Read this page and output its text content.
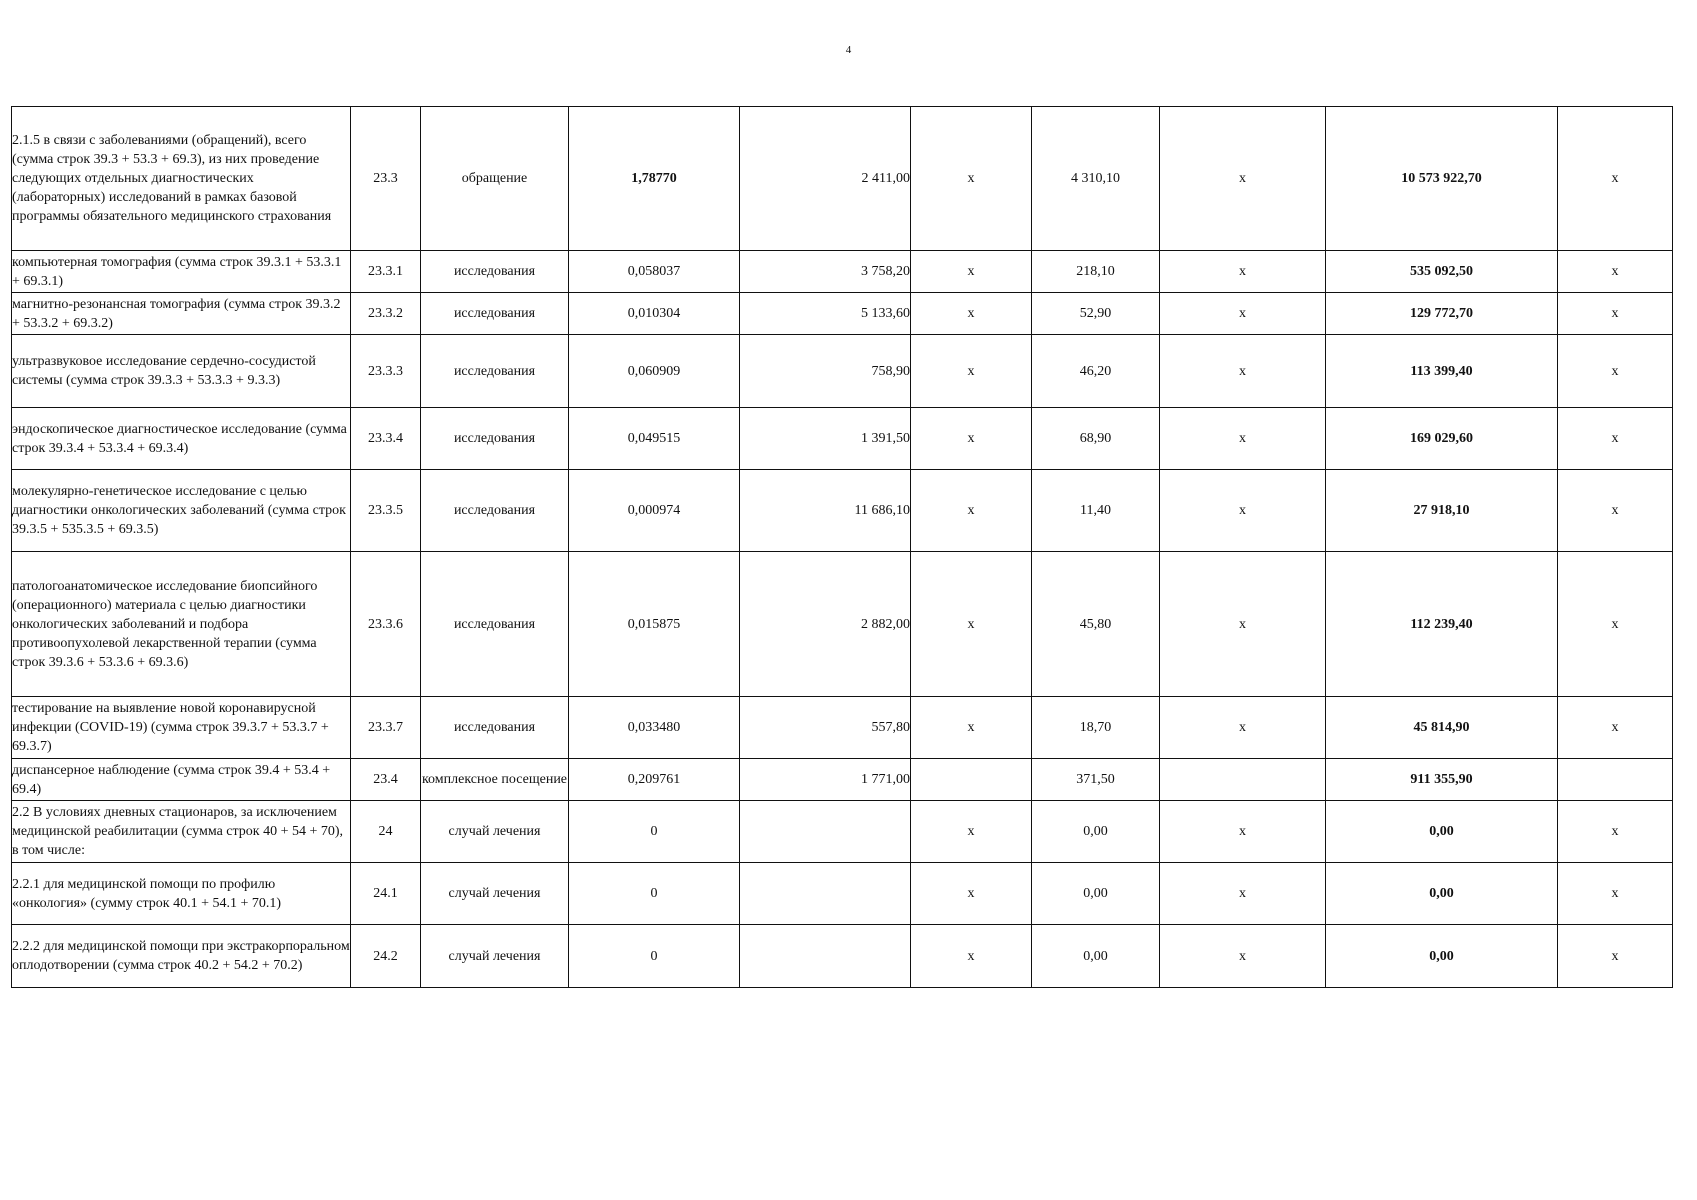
4
2.1.5 в связи с заболеваниями (обращений), всего (сумма строк 39.3 + 53.3 + 69.3), из них проведение следующих отдельных диагностических (лабораторных) исследований в рамках базовой программы обязательного медицинского страхования	23.3	обращение	1,78770	2 411,00	х	4 310,10	х	10 573 922,70	х
компьютерная томография (сумма строк 39.3.1 + 53.3.1 + 69.3.1)	23.3.1	исследования	0,058037	3 758,20	х	218,10	х	535 092,50	х
магнитно-резонансная томография (сумма строк 39.3.2 + 53.3.2 + 69.3.2)	23.3.2	исследования	0,010304	5 133,60	х	52,90	х	129 772,70	х
ультразвуковое исследование сердечно-сосудистой системы (сумма строк 39.3.3 + 53.3.3 + 9.3.3)	23.3.3	исследования	0,060909	758,90	х	46,20	х	113 399,40	х
эндоскопическое диагностическое исследование (сумма строк 39.3.4 + 53.3.4 + 69.3.4)	23.3.4	исследования	0,049515	1 391,50	х	68,90	х	169 029,60	х
молекулярно-генетическое исследование с целью диагностики онкологических заболеваний (сумма строк 39.3.5 + 535.3.5 + 69.3.5)	23.3.5	исследования	0,000974	11 686,10	х	11,40	х	27 918,10	х
патологоанатомическое исследование биопсийного (операционного) материала с целью диагностики онкологических заболеваний и подбора противоопухолевой лекарственной терапии (сумма строк 39.3.6 + 53.3.6 + 69.3.6)	23.3.6	исследования	0,015875	2 882,00	х	45,80	х	112 239,40	х
тестирование на выявление новой коронавирусной инфекции (COVID-19) (сумма строк 39.3.7 + 53.3.7 + 69.3.7)	23.3.7	исследования	0,033480	557,80	х	18,70	х	45 814,90	х
диспансерное наблюдение (сумма строк 39.4 + 53.4 + 69.4)	23.4	комплексное посещение	0,209761	1 771,00		371,50		911 355,90	
2.2 В условиях дневных стационаров, за исключением медицинской реабилитации (сумма строк 40 + 54 + 70), в том числе:	24	случай лечения	0		х	0,00	х	0,00	х
2.2.1 для медицинской помощи по профилю «онкология» (сумму строк 40.1 + 54.1 + 70.1)	24.1	случай лечения	0		х	0,00	х	0,00	х
2.2.2 для медицинской помощи при экстракорпоральном оплодотворении (сумма строк 40.2 + 54.2 + 70.2)	24.2	случай лечения	0		х	0,00	х	0,00	х
